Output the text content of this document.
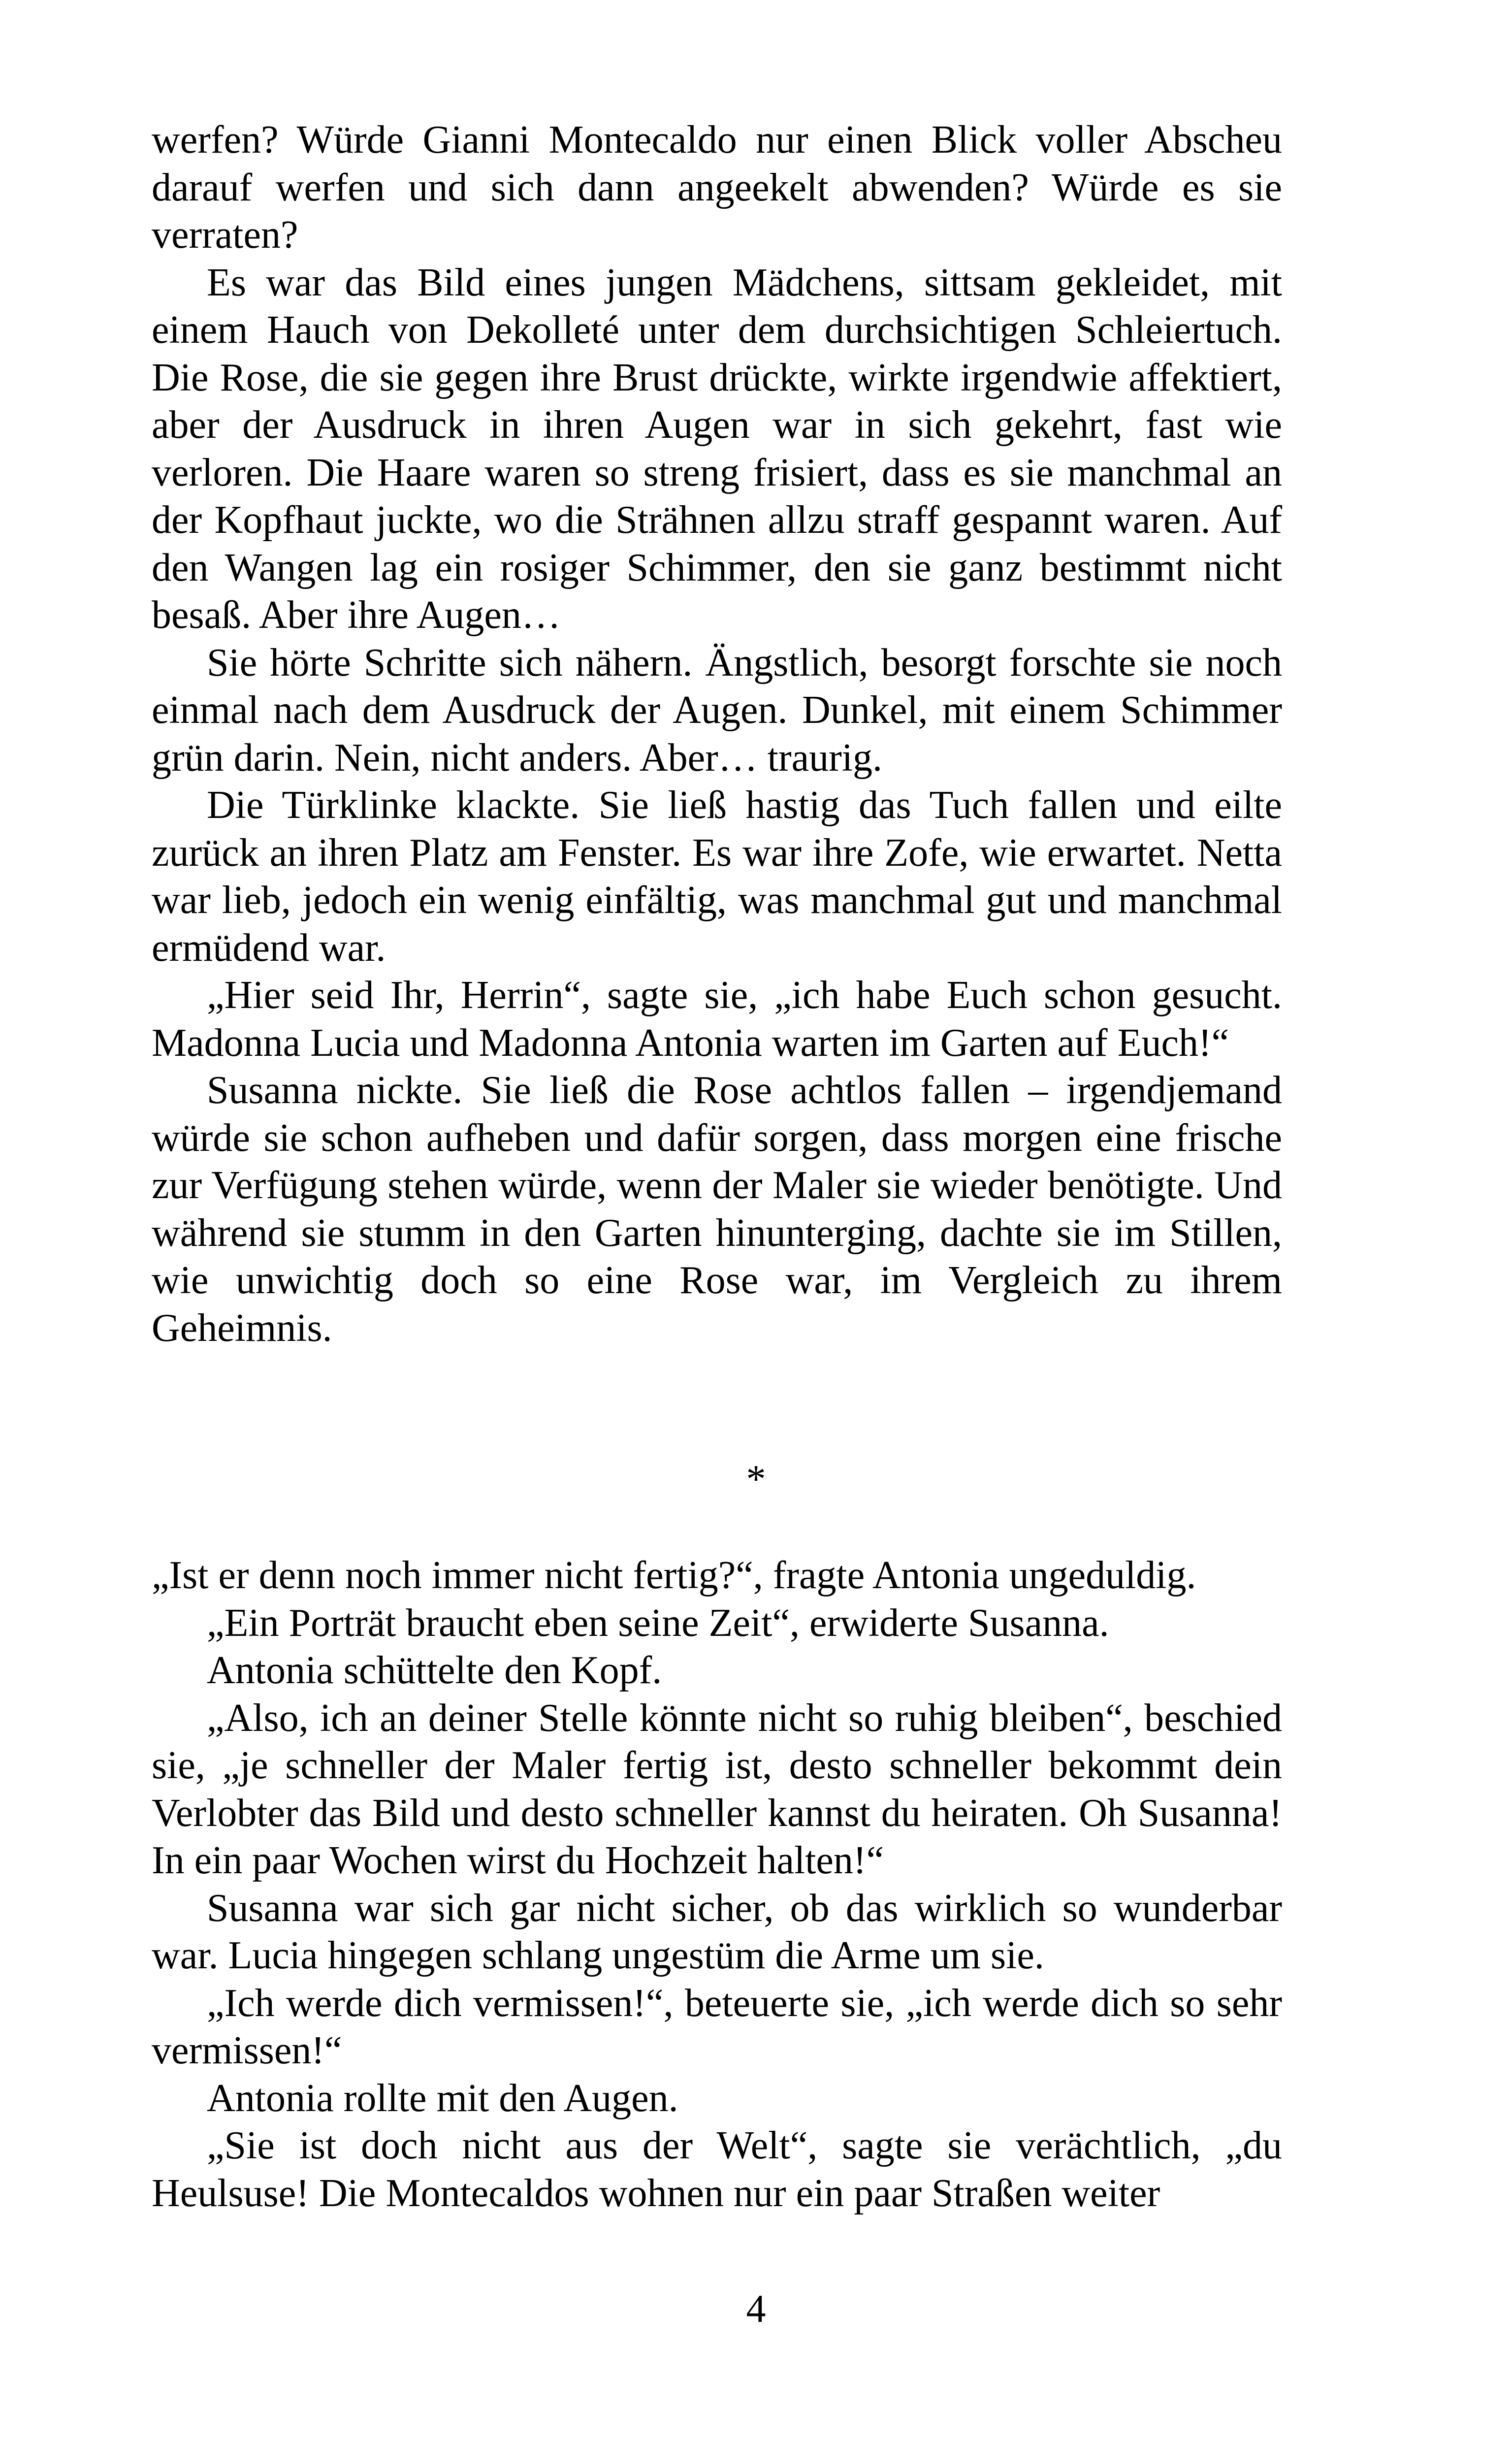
werfen? Würde Gianni Montecaldo nur einen Blick voller Abscheu darauf werfen und sich dann angeekelt abwenden? Würde es sie verraten?

Es war das Bild eines jungen Mädchens, sittsam gekleidet, mit einem Hauch von Dekolleté unter dem durchsichtigen Schleiertuch. Die Rose, die sie gegen ihre Brust drückte, wirkte irgendwie affektiert, aber der Ausdruck in ihren Augen war in sich gekehrt, fast wie verloren. Die Haare waren so streng frisiert, dass es sie manchmal an der Kopfhaut juckte, wo die Strähnen allzu straff gespannt waren. Auf den Wangen lag ein rosiger Schimmer, den sie ganz bestimmt nicht besaß. Aber ihre Augen…

Sie hörte Schritte sich nähern. Ängstlich, besorgt forschte sie noch einmal nach dem Ausdruck der Augen. Dunkel, mit einem Schimmer grün darin. Nein, nicht anders. Aber… traurig.

Die Türklinke klackte. Sie ließ hastig das Tuch fallen und eilte zurück an ihren Platz am Fenster. Es war ihre Zofe, wie erwartet. Netta war lieb, jedoch ein wenig einfältig, was manchmal gut und manchmal ermüdend war.

„Hier seid Ihr, Herrin“, sagte sie, „ich habe Euch schon gesucht. Madonna Lucia und Madonna Antonia warten im Garten auf Euch!“

Susanna nickte. Sie ließ die Rose achtlos fallen – irgendjemand würde sie schon aufheben und dafür sorgen, dass morgen eine frische zur Verfügung stehen würde, wenn der Maler sie wieder benötigte. Und während sie stumm in den Garten hinunterging, dachte sie im Stillen, wie unwichtig doch so eine Rose war, im Vergleich zu ihrem Geheimnis.

*

„Ist er denn noch immer nicht fertig?“, fragte Antonia ungeduldig.

„Ein Porträt braucht eben seine Zeit“, erwiderte Susanna.

Antonia schüttelte den Kopf.

„Also, ich an deiner Stelle könnte nicht so ruhig bleiben“, beschied sie, „je schneller der Maler fertig ist, desto schneller bekommt dein Verlobter das Bild und desto schneller kannst du heiraten. Oh Susanna! In ein paar Wochen wirst du Hochzeit halten!“

Susanna war sich gar nicht sicher, ob das wirklich so wunderbar war. Lucia hingegen schlang ungestüm die Arme um sie.

„Ich werde dich vermissen!“, beteuerte sie, „ich werde dich so sehr vermissen!“

Antonia rollte mit den Augen.

„Sie ist doch nicht aus der Welt“, sagte sie verächtlich, „du Heulsuse! Die Montecaldos wohnen nur ein paar Straßen weiter

4
